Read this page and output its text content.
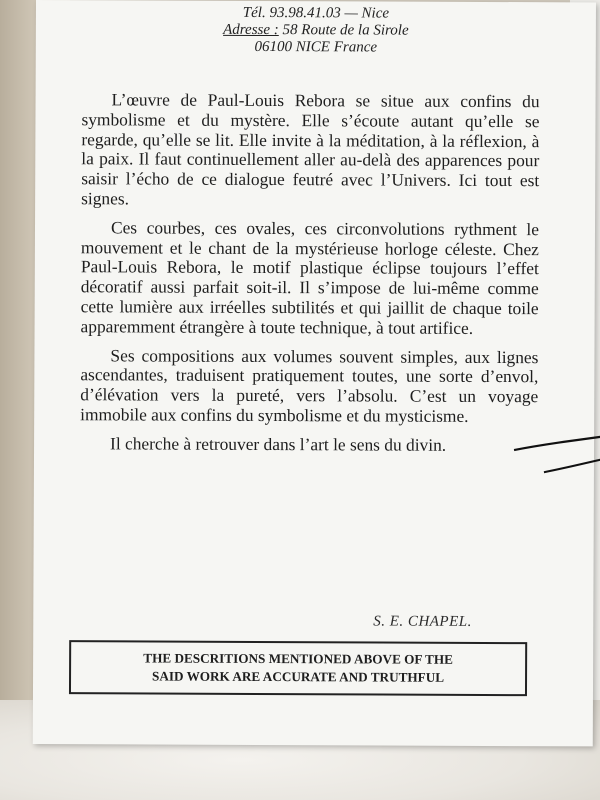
Tél. 93.98.41.03 — Nice
Adresse : 58 Route de la Sirole
06100 NICE France

L’œuvre de Paul-Louis Rebora se situe aux confins du symbolisme et du mystère. Elle s’écoute autant qu’elle se regarde, qu’elle se lit. Elle invite à la méditation, à la réflexion, à la paix. Il faut continuellement aller au-delà des apparences pour saisir l’écho de ce dialogue feutré avec l’Univers. Ici tout est signes.

Ces courbes, ces ovales, ces circonvolutions rythment le mouvement et le chant de la mystérieuse horloge céleste. Chez Paul-Louis Rebora, le motif plastique éclipse toujours l’effet décoratif aussi parfait soit-il. Il s’impose de lui-même comme cette lumière aux irréelles subtilités et qui jaillit de chaque toile apparemment étrangère à toute technique, à tout artifice.

Ses compositions aux volumes souvent simples, aux lignes ascendantes, traduisent pratiquement toutes, une sorte d’envol, d’élévation vers la pureté, vers l’absolu. C’est un voyage immobile aux confins du symbolisme et du mysticisme.

Il cherche à retrouver dans l’art le sens du divin.

S. E. CHAPEL.
THE DESCRITIONS MENTIONED ABOVE OF THE
SAID WORK ARE ACCURATE AND TRUTHFUL
